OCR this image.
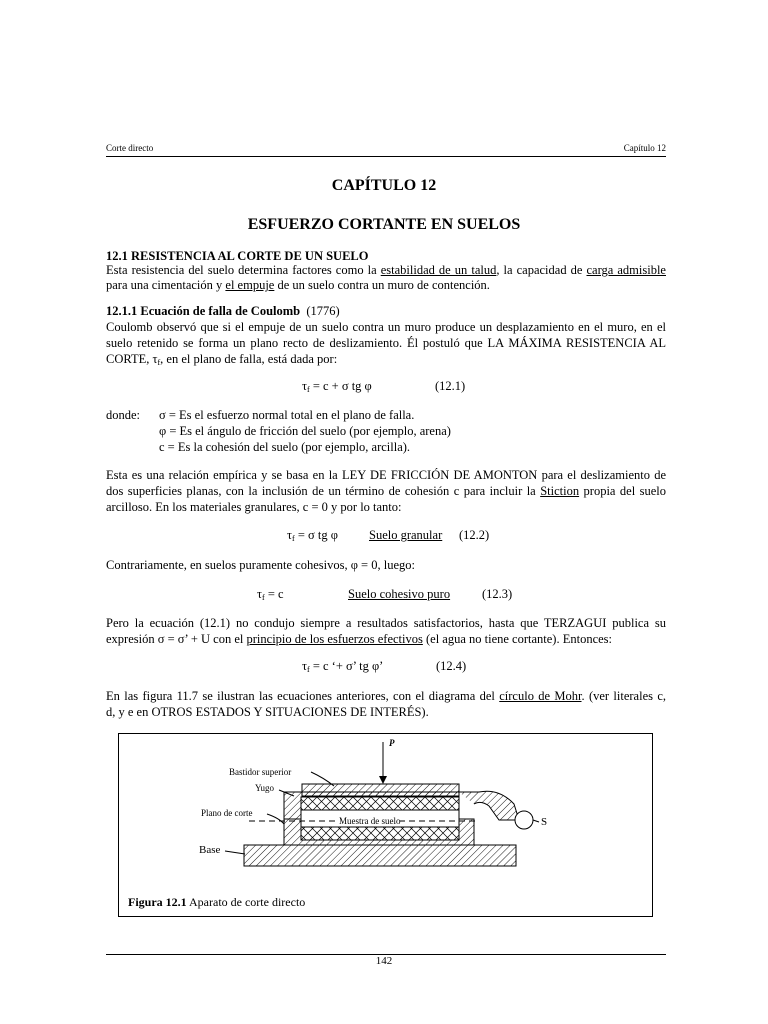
Corte directo	Capítulo 12
CAPÍTULO 12
ESFUERZO CORTANTE EN SUELOS
12.1 RESISTENCIA AL CORTE DE UN SUELO
Esta resistencia del suelo determina factores como la estabilidad de un talud, la capacidad de carga admisible
para una cimentación y el empuje de un suelo contra un muro de contención.
12.1.1 Ecuación de falla de Coulomb (1776)
Coulomb observó que si el empuje de un suelo contra un muro produce un desplazamiento en el muro, en el
suelo retenido se forma un plano recto de deslizamiento. Él postuló que LA MÁXIMA RESISTENCIA AL
CORTE, $\tau_f$, en el plano de falla, está dada por:
$\tau_f = c + \sigma$ tg φ	(12.1)
donde: σ = Es el esfuerzo normal total en el plano de falla.
φ = Es el ángulo de fricción del suelo (por ejemplo, arena)
c = Es la cohesión del suelo (por ejemplo, arcilla).
Esta es una relación empírica y se basa en la LEY DE FRICCIÓN DE AMONTON para el deslizamiento de
dos superficies planas, con la inclusión de un término de cohesión c para incluir la Stiction propia del suelo
arcilloso. En los materiales granulares, c = 0 y por lo tanto:
$\tau_f = \sigma$ tg φ Suelo granular (12.2)
Contrariamente, en suelos puramente cohesivos, φ = 0, luego:
$\tau_f = c$	Suelo cohesivo puro	(12.3)
Pero la ecuación (12.1) no condujo siempre a resultados satisfactorios, hasta que TERZAGUI publica su
expresión σ = σ’ + U con el principio de los esfuerzos efectivos (el agua no tiene cortante). Entonces:
$\tau_f = c$ ‘+ σ’ tg φ’	(12.4)
En las figura 11.7 se ilustran las ecuaciones anteriores, con el diagrama del círculo de Mohr. (ver literales c,
d, y e en OTROS ESTADOS Y SITUACIONES DE INTERÉS).
P
Bastidor superior
Yugo
Plano de corte
Muestra de suelo	S
Base
Figura 12.1 Aparato de corte directo
142
